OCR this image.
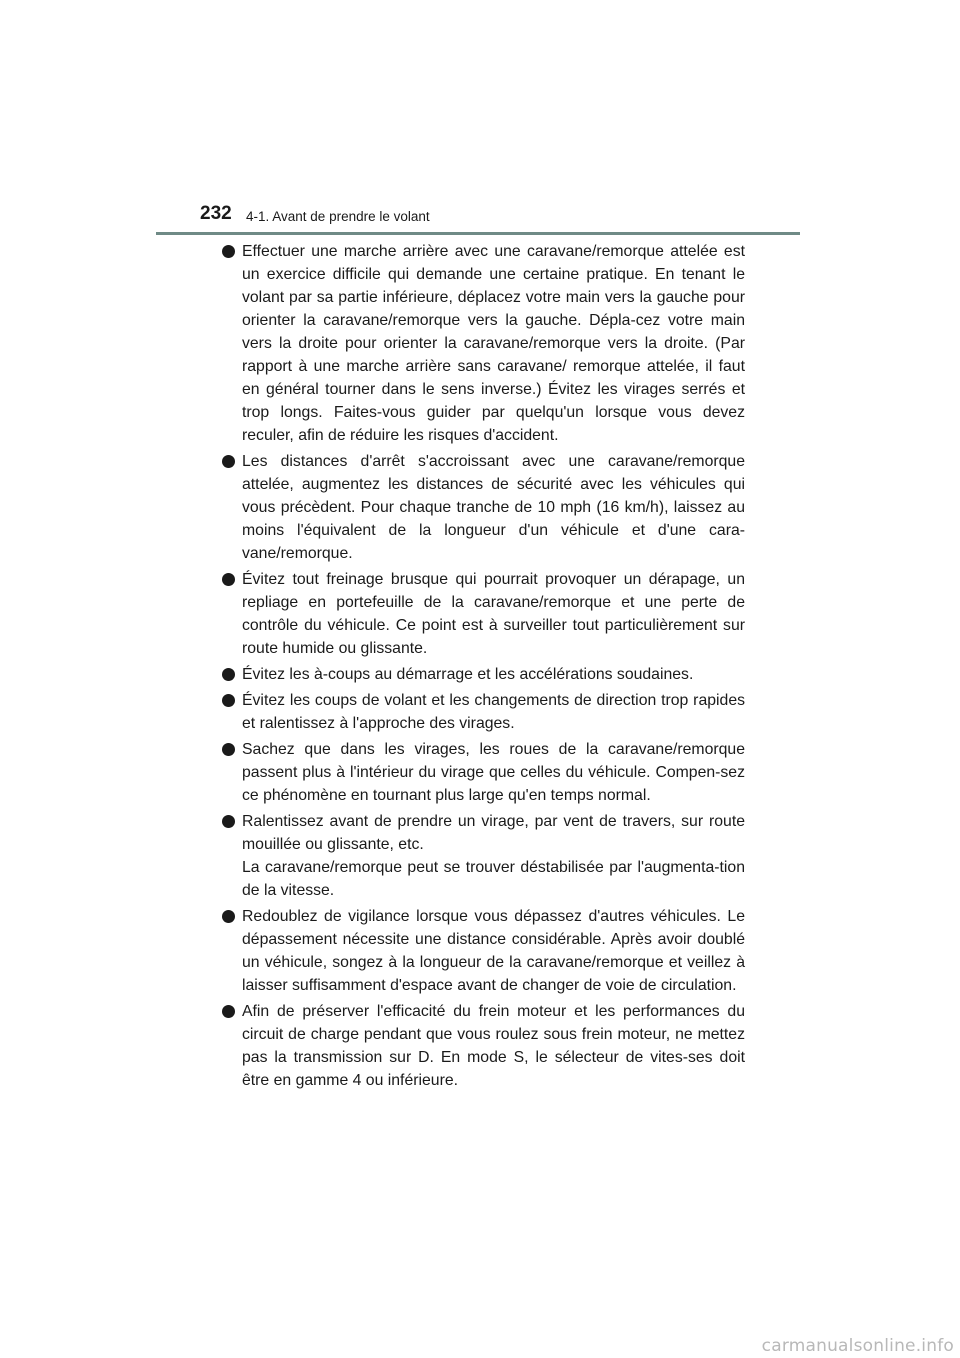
232 4-1. Avant de prendre le volant
Effectuer une marche arrière avec une caravane/remorque attelée est un exercice difficile qui demande une certaine pratique. En tenant le volant par sa partie inférieure, déplacez votre main vers la gauche pour orienter la caravane/remorque vers la gauche. Dépla-cez votre main vers la droite pour orienter la caravane/remorque vers la droite. (Par rapport à une marche arrière sans caravane/ remorque attelée, il faut en général tourner dans le sens inverse.) Évitez les virages serrés et trop longs. Faites-vous guider par quelqu'un lorsque vous devez reculer, afin de réduire les risques d'accident.
Les distances d'arrêt s'accroissant avec une caravane/remorque attelée, augmentez les distances de sécurité avec les véhicules qui vous précèdent. Pour chaque tranche de 10 mph (16 km/h), laissez au moins l'équivalent de la longueur d'un véhicule et d'une cara-vane/remorque.
Évitez tout freinage brusque qui pourrait provoquer un dérapage, un repliage en portefeuille de la caravane/remorque et une perte de contrôle du véhicule. Ce point est à surveiller tout particulièrement sur route humide ou glissante.
Évitez les à-coups au démarrage et les accélérations soudaines.
Évitez les coups de volant et les changements de direction trop rapides et ralentissez à l'approche des virages.
Sachez que dans les virages, les roues de la caravane/remorque passent plus à l'intérieur du virage que celles du véhicule. Compen-sez ce phénomène en tournant plus large qu'en temps normal.
Ralentissez avant de prendre un virage, par vent de travers, sur route mouillée ou glissante, etc.
La caravane/remorque peut se trouver déstabilisée par l'augmenta-tion de la vitesse.
Redoublez de vigilance lorsque vous dépassez d'autres véhicules. Le dépassement nécessite une distance considérable. Après avoir doublé un véhicule, songez à la longueur de la caravane/remorque et veillez à laisser suffisamment d'espace avant de changer de voie de circulation.
Afin de préserver l'efficacité du frein moteur et les performances du circuit de charge pendant que vous roulez sous frein moteur, ne mettez pas la transmission sur D. En mode S, le sélecteur de vites-ses doit être en gamme 4 ou inférieure.
carmanualsonline.info
